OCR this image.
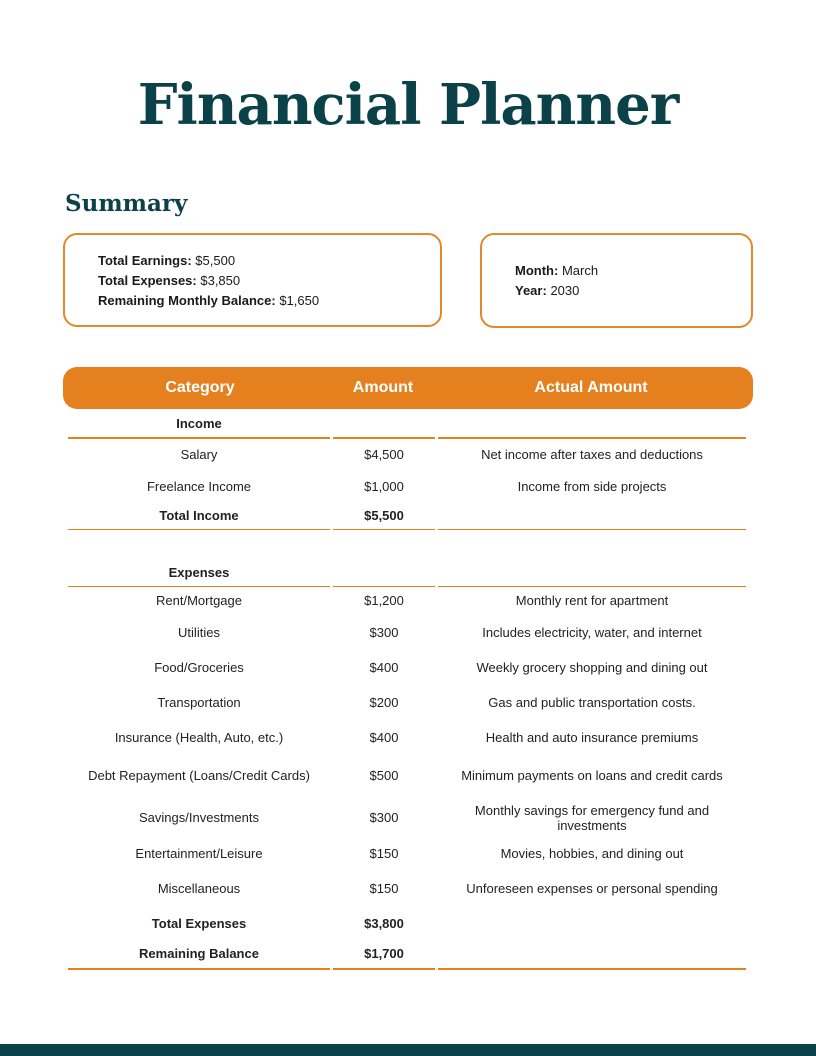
Financial Planner
Summary
Total Earnings: $5,500
Total Expenses: $3,850
Remaining Monthly Balance: $1,650
Month: March
Year: 2030
Category	Amount	Actual Amount
Income
Salary	$4,500	Net income after taxes and deductions
Freelance Income	$1,000	Income from side projects
Total Income	$5,500
Expenses
Rent/Mortgage	$1,200	Monthly rent for apartment
Utilities	$300	Includes electricity, water, and internet
Food/Groceries	$400	Weekly grocery shopping and dining out
Transportation	$200	Gas and public transportation costs.
Insurance (Health, Auto, etc.)	$400	Health and auto insurance premiums
Debt Repayment (Loans/Credit Cards)	$500	Minimum payments on loans and credit cards
Savings/Investments	$300	Monthly savings for emergency fund and investments
Entertainment/Leisure	$150	Movies, hobbies, and dining out
Miscellaneous	$150	Unforeseen expenses or personal spending
Total Expenses	$3,800
Remaining Balance	$1,700
